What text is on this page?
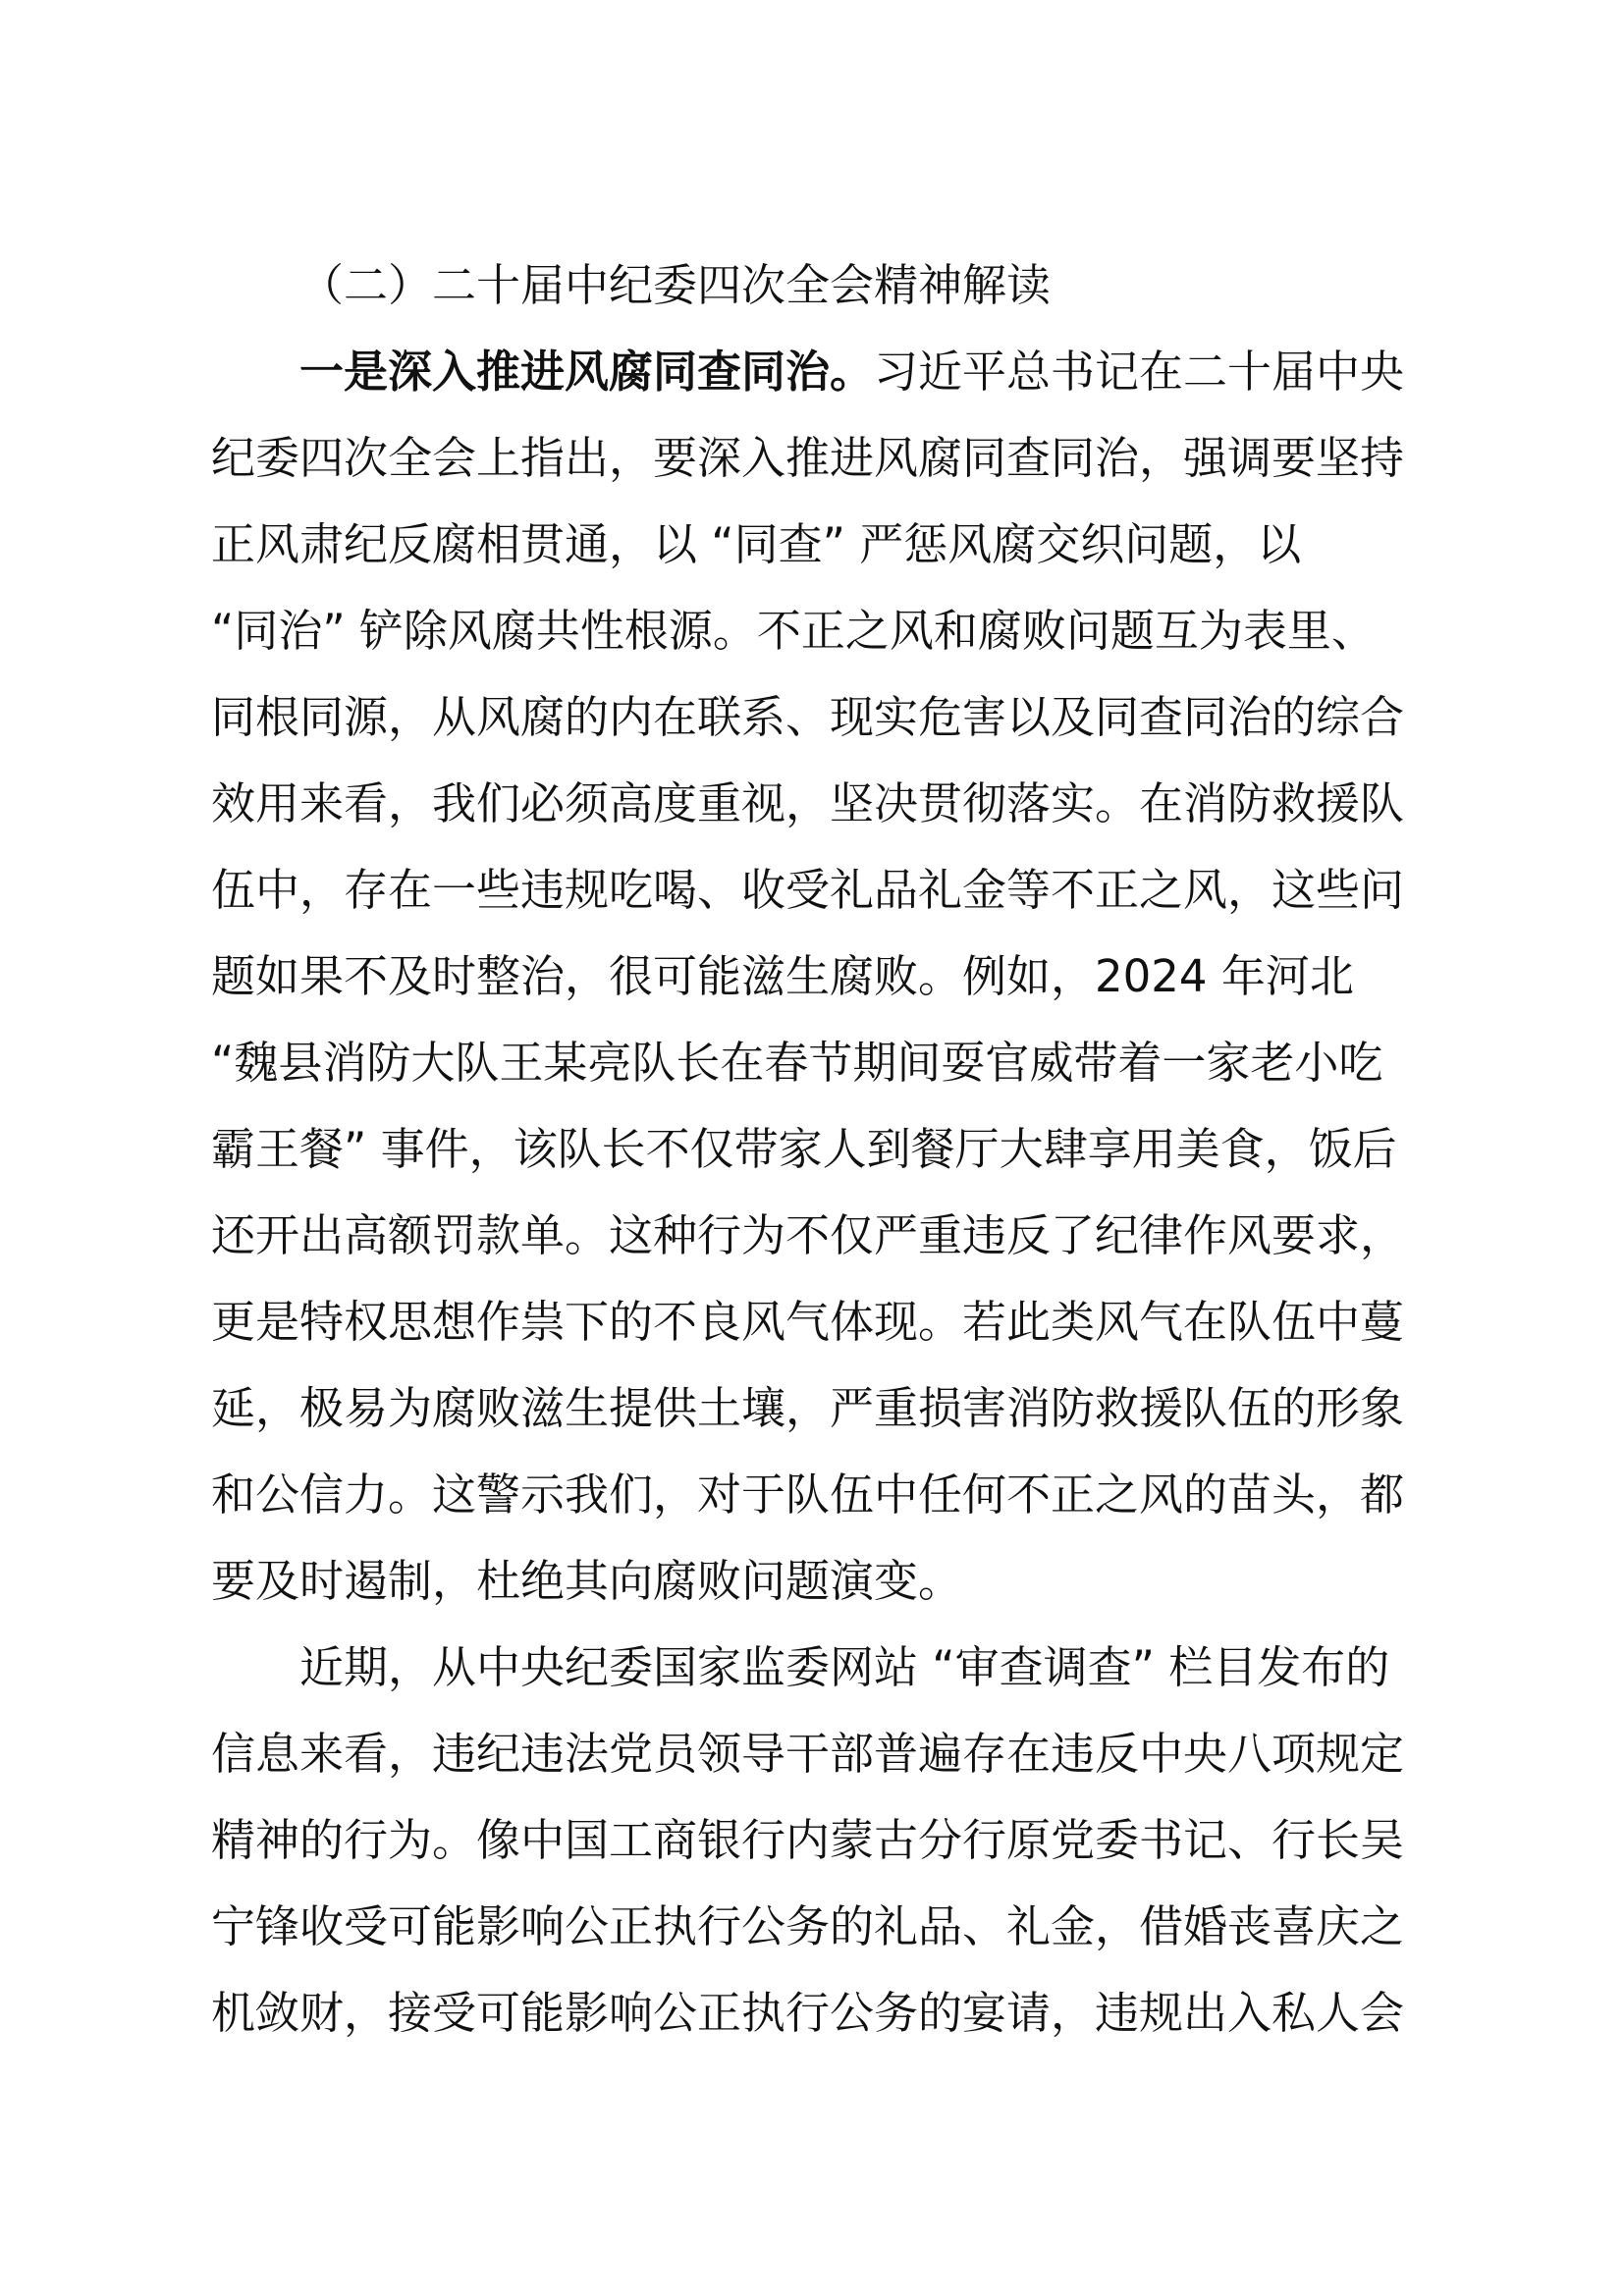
（二）二十届中纪委四次全会精神解读
一是深入推进风腐同查同治。习近平总书记在二十届中央
纪委四次全会上指出，要深入推进风腐同查同治，强调要坚持
正风肃纪反腐相贯通，以 “同查” 严惩风腐交织问题，以
“同治” 铲除风腐共性根源。不正之风和腐败问题互为表里、
同根同源，从风腐的内在联系、现实危害以及同查同治的综合
效用来看，我们必须高度重视，坚决贯彻落实。在消防救援队
伍中，存在一些违规吃喝、收受礼品礼金等不正之风，这些问
题如果不及时整治，很可能滋生腐败。例如，2024 年河北
“魏县消防大队王某亮队长在春节期间耍官威带着一家老小吃
霸王餐” 事件，该队长不仅带家人到餐厅大肆享用美食，饭后
还开出高额罚款单。这种行为不仅严重违反了纪律作风要求，
更是特权思想作祟下的不良风气体现。若此类风气在队伍中蔓
延，极易为腐败滋生提供土壤，严重损害消防救援队伍的形象
和公信力。这警示我们，对于队伍中任何不正之风的苗头，都
要及时遏制，杜绝其向腐败问题演变。
近期，从中央纪委国家监委网站 “审查调查” 栏目发布的
信息来看，违纪违法党员领导干部普遍存在违反中央八项规定
精神的行为。像中国工商银行内蒙古分行原党委书记、行长吴
宁锋收受可能影响公正执行公务的礼品、礼金，借婚丧喜庆之
机敛财，接受可能影响公正执行公务的宴请，违规出入私人会
